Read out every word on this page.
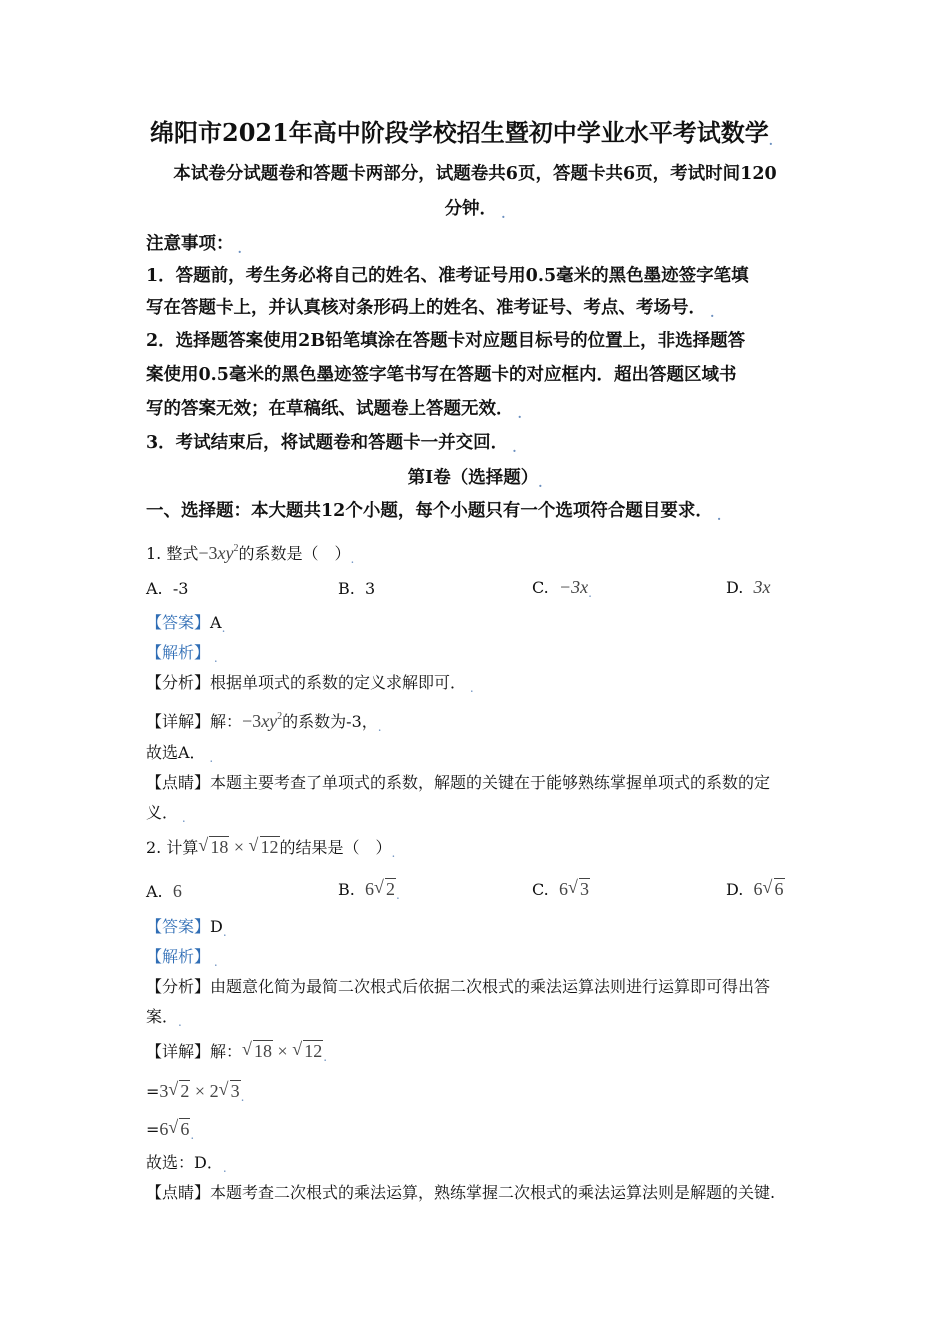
绵阳市2021年高中阶段学校招生暨初中学业水平考试数学.
本试卷分试题卷和答题卡两部分，试题卷共6页，答题卡共6页，考试时间120
分钟． $_.$
注意事项： $_.$
1．答题前，考生务必将自己的姓名、准考证号用0.5毫米的黑色墨迹签字笔填
写在答题卡上，并认真核对条形码上的姓名、准考证号、考点、考场号． $_.$
2．选择题答案使用2B铅笔填涂在答题卡对应题目标号的位置上，非选择题答
案使用0.5毫米的黑色墨迹签字笔书写在答题卡的对应框内．超出答题区域书
写的答案无效；在草稿纸、试题卷上答题无效． $_.$
3．考试结束后，将试题卷和答题卡一并交回． $_.$
第Ⅰ卷（选择题）$_.$
一、选择题：本大题共12个小题，每个小题只有一个选项符合题目要求． $_.$
1. 整式$-3xy^2$的系数是（　）$_.$
A. -3	B. 3	C. $-3x_.$	D. 3x
【答案】$A_.$
【解析】 $_.$
【分析】根据单项式的系数的定义求解即可． $_.$
【详解】解：$-3xy^2$的系数为-3，$_.$
故选A． $_.$
【点睛】本题主要考查了单项式的系数，解题的关键在于能够熟练掌握单项式的系数的定
义． $_.$
2. 计算 √ 18 × √ 12的结果是（　）$_.$
A. 6	B. 6 √ $2_.$	C. 6 √ 3	D. 6 √ 6
【答案】$D_.$
【解析】 $_.$
【分析】由题意化简为最简二次根式后依据二次根式的乘法运算法则进行运算即可得出答
案．$_.$
【详解】解： √ 18 × √ $12_.$
=3 √ 2 × 2 √ $3_.$
=6 √ $6_.$
故选：D．$_.$
【点睛】本题考查二次根式的乘法运算，熟练掌握二次根式的乘法运算法则是解题的关键.
